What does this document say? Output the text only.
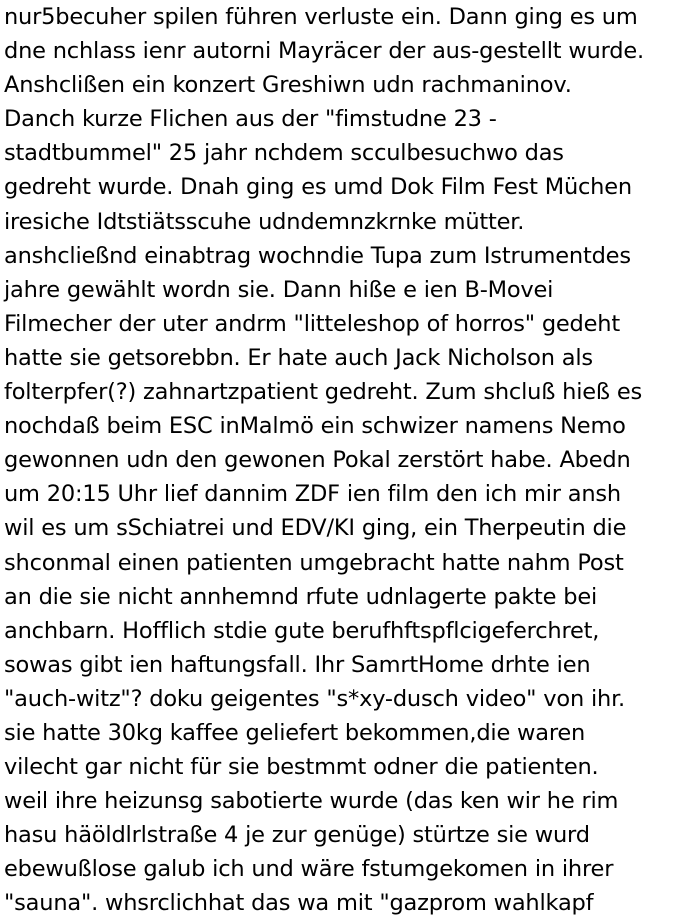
nur5becuher spilen führen verluste ein. Dann ging es um
dne nchlass ienr autorni Mayräcer der aus-gestellt wurde.
Anshclißen ein konzert Greshiwn udn rachmaninov.
Danch kurze Flichen aus der "fimstudne 23 -
stadtbummel" 25 jahr nchdem scculbesuchwo das
gedreht wurde. Dnah ging es umd Dok Film Fest Müchen
iresiche Idtstiätsscuhe udndemnzkrnke mütter.
anshcließnd einabtrag wochndie Tupa zum Istrumentdes
jahre gewählt wordn sie. Dann hiße e ien B-Movei
Filmecher der uter andrm "litteleshop of horros" gedeht
hatte sie getsorebbn. Er hate auch Jack Nicholson als
folterpfer(?) zahnartzpatient gedreht. Zum shcluß hieß es
nochdaß beim ESC inMalmö ein schwizer namens Nemo
gewonnen udn den gewonen Pokal zerstört habe. Abedn
um 20:15 Uhr lief dannim ZDF ien film den ich mir ansh
wil es um sSchiatrei und EDV/KI ging, ein Therpeutin die
shconmal einen patienten umgebracht hatte nahm Post
an die sie nicht annhemnd rfute udnlagerte pakte bei
anchbarn. Hofflich stdie gute berufhftspflcigeferchret,
sowas gibt ien haftungsfall. Ihr SamrtHome drhte ien
"auch-witz"? doku geigentes "s*xy-dusch video" von ihr.
sie hatte 30kg kaffee geliefert bekommen,die waren
vilecht gar nicht für sie bestmmt odner die patienten.
weil ihre heizunsg sabotierte wurde (das ken wir he rim
hasu häöldlrlstraße 4 je zur genüge) stürtze sie wurd
ebewußlose galub ich und wäre fstumgekomen in ihrer
"sauna". whsrclichhat das wa mit "gazprom wahlkapf
